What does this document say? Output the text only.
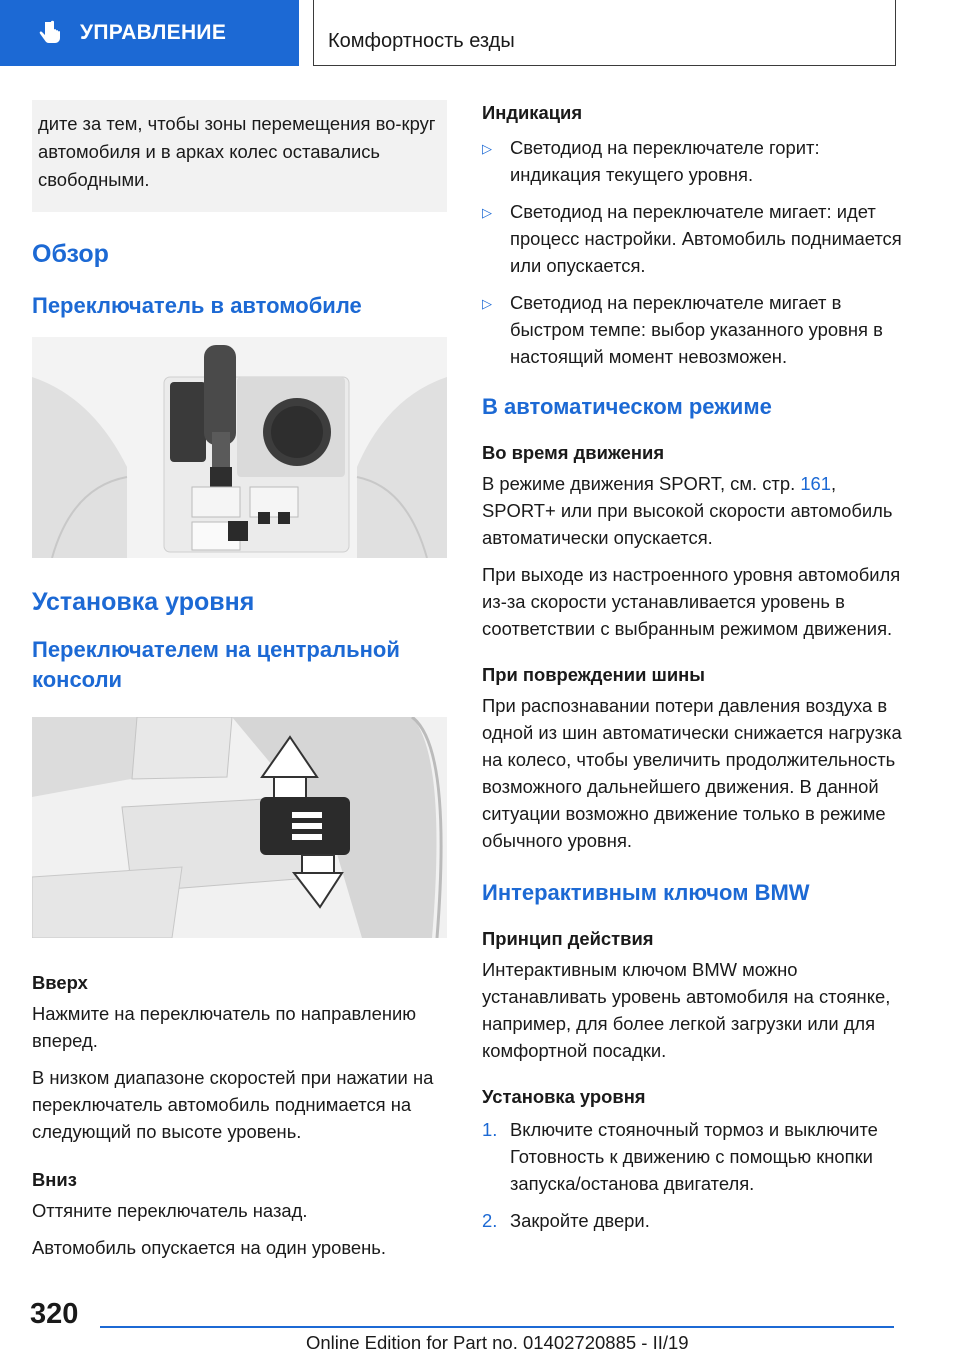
УПРАВЛЕНИЕ	Комфортность езды
дите за тем, чтобы зоны перемещения во-круг автомобиля и в арках колес оставались свободными.
Обзор
Переключатель в автомобиле
Установка уровня
Переключателем на центральной консоли
Вверх

Нажмите на переключатель по направлению вперед.

В низком диапазоне скоростей при нажатии на переключатель автомобиль поднимается на следующий по высоте уровень.

Вниз

Оттяните переключатель назад.

Автомобиль опускается на один уровень.

Индикация
▷ Светодиод на переключателе горит: индикация текущего уровня.
▷ Светодиод на переключателе мигает: идет процесс настройки. Автомобиль поднимается или опускается.
▷ Светодиод на переключателе мигает в быстром темпе: выбор указанного уровня в настоящий момент невозможен.
В автоматическом режиме
Во время движения

В режиме движения SPORT, см. стр. 161, SPORT+ или при высокой скорости автомобиль автоматически опускается.

При выходе из настроенного уровня автомобиля из-за скорости устанавливается уровень в соответствии с выбранным режимом движения.

При повреждении шины

При распознавании потери давления воздуха в одной из шин автоматически снижается нагрузка на колесо, чтобы увеличить продолжительность возможного дальнейшего движения. В данной ситуации возможно движение только в режиме обычного уровня.

Интерактивным ключом BMW
Принцип действия

Интерактивным ключом BMW можно устанавливать уровень автомобиля на стоянке, например, для более легкой загрузки или для комфортной посадки.

Установка уровня
1. Включите стояночный тормоз и выключите Готовность к движению с помощью кнопки запуска/останова двигателя.
2. Закройте двери.
320
Online Edition for Part no. 01402720885 - II/19
